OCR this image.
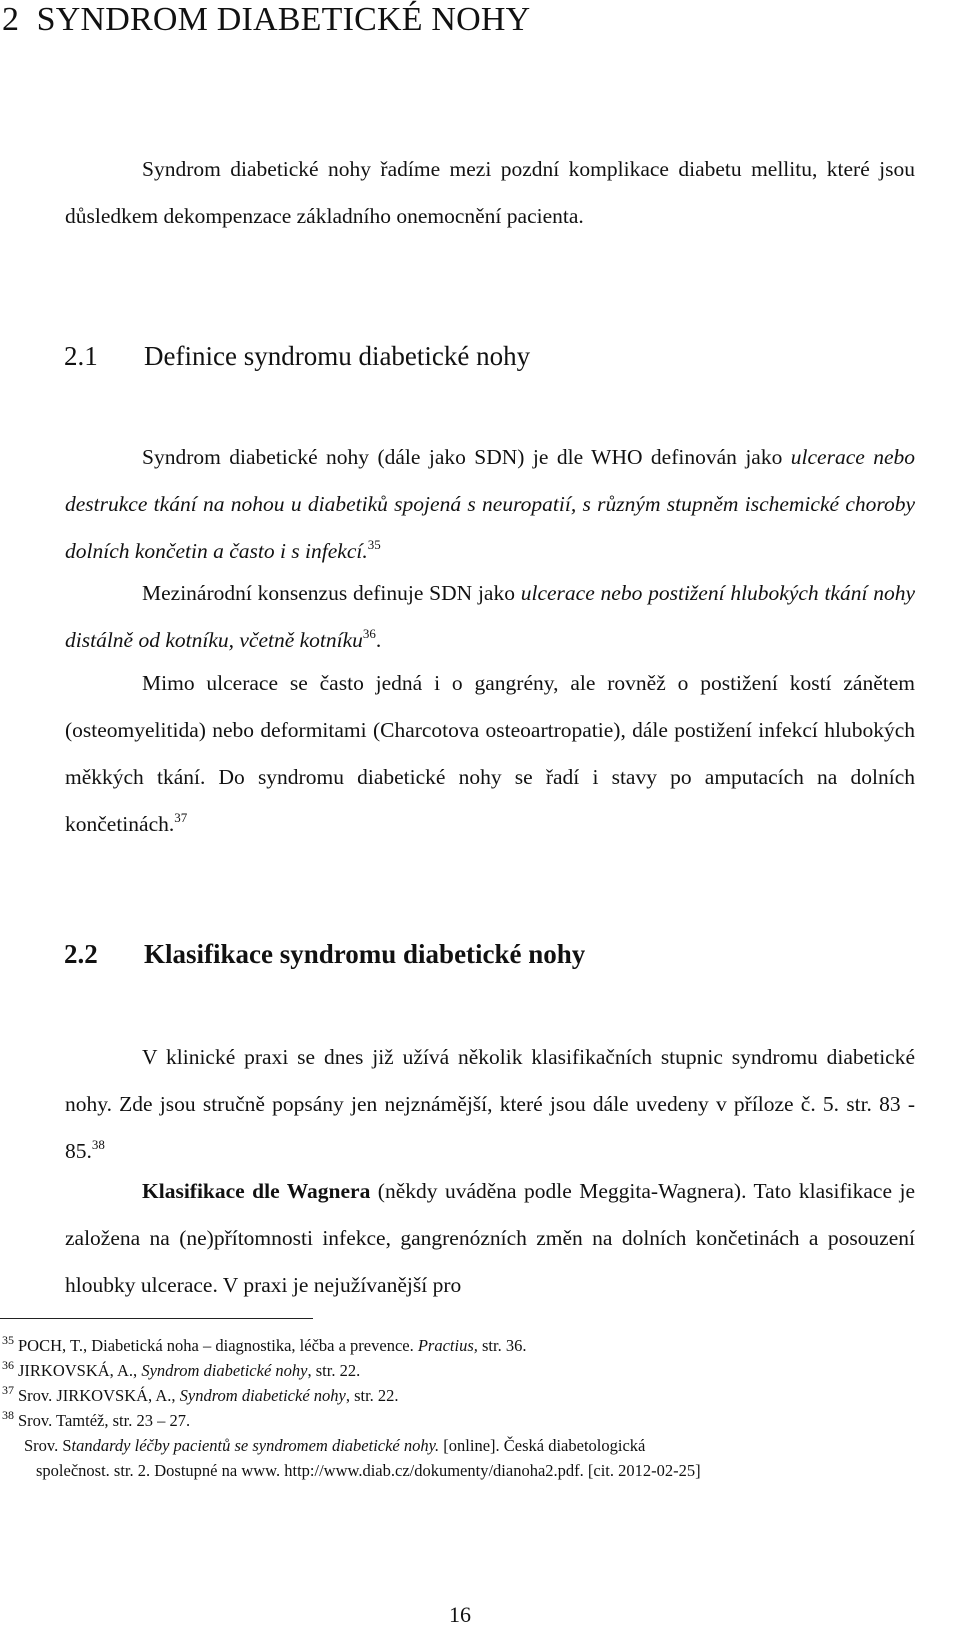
2 SYNDROM DIABETICKÉ NOHY

Syndrom diabetické nohy řadíme mezi pozdní komplikace diabetu mellitu, které jsou důsledkem dekompenzace základního onemocnění pacienta.

2.1 Definice syndromu diabetické nohy

Syndrom diabetické nohy (dále jako SDN) je dle WHO definován jako ulcerace nebo destrukce tkání na nohou u diabetiků spojená s neuropatií, s různým stupněm ischemické choroby dolních končetin a často i s infekcí.$^{35}$

Mezinárodní konsenzus definuje SDN jako ulcerace nebo postižení hlubokých tkání nohy distálně od kotníku, včetně kotníku$^{36}$.

Mimo ulcerace se často jedná i o gangrény, ale rovněž o postižení kostí zánětem (osteomyelitida) nebo deformitami (Charcotova osteoartropatie), dále postižení infekcí hlubokých měkkých tkání. Do syndromu diabetické nohy se řadí i stavy po amputacích na dolních končetinách.$^{37}$

2.2 Klasifikace syndromu diabetické nohy

V klinické praxi se dnes již užívá několik klasifikačních stupnic syndromu diabetické nohy. Zde jsou stručně popsány jen nejznámější, které jsou dále uvedeny v příloze č. 5. str. 83 - 85.38

Klasifikace dle Wagnera (někdy uváděna podle Meggita-Wagnera). Tato klasifikace je založena na (ne)přítomnosti infekce, gangrenózních změn na dolních končetinách a posouzení hloubky ulcerace. V praxi je nejužívanější pro

$^{35}$ POCH, T., Diabetická noha – diagnostika, léčba a prevence. Practius, str. 36.
$^{36}$ JIRKOVSKÁ, A., Syndrom diabetické nohy, str. 22.
$^{37}$ Srov. JIRKOVSKÁ, A., Syndrom diabetické nohy, str. 22.
$^{38}$ Srov. Tamtéž, str. 23 – 27.
Srov. Standardy léčby pacientů se syndromem diabetické nohy. [online]. Česká diabetologická
společnost. str. 2. Dostupné na www. http://www.diab.cz/dokumenty/dianoha2.pdf. [cit. 2012-02-25]
16
